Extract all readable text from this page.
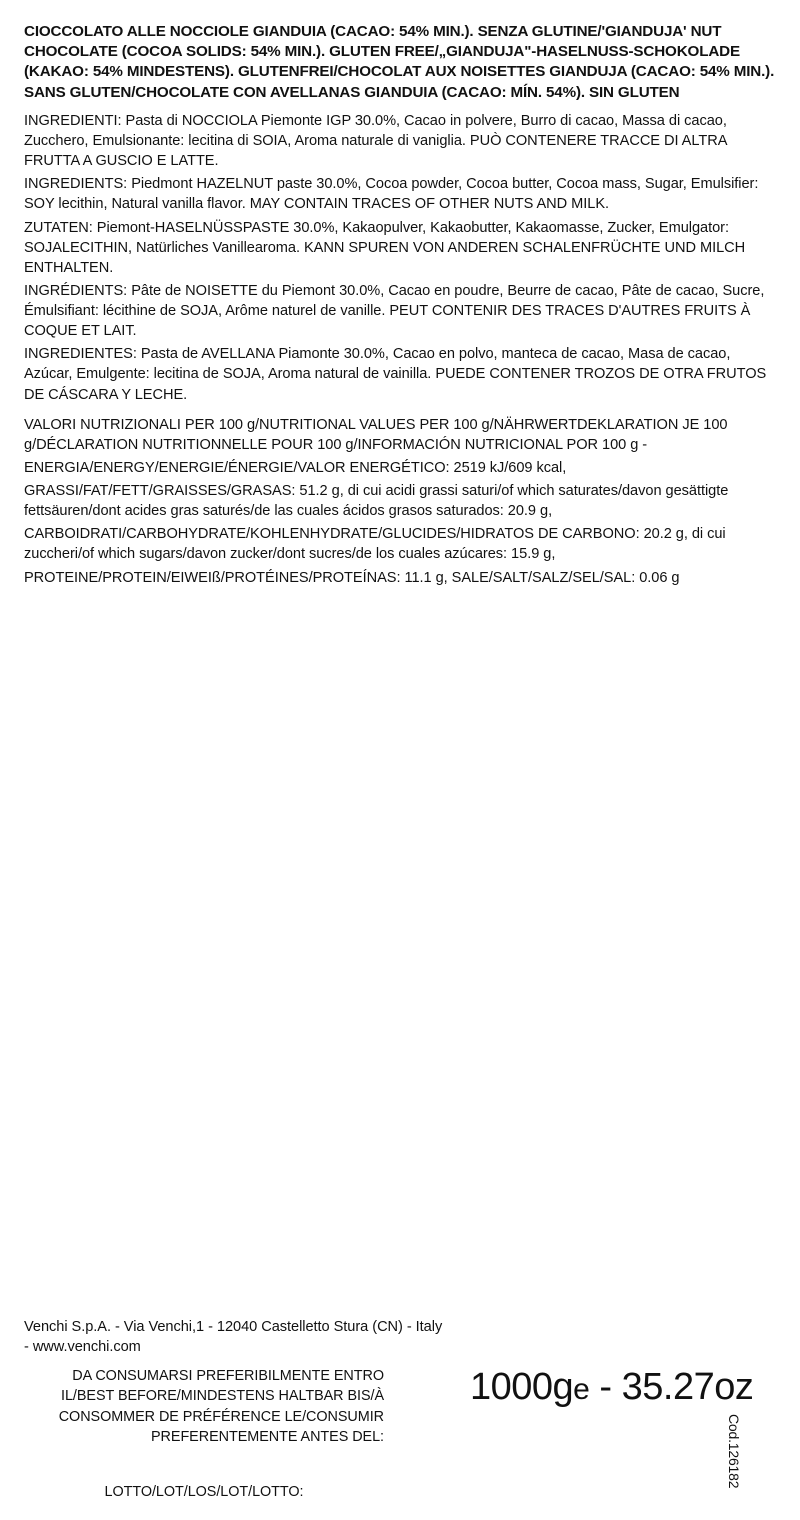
CIOCCOLATO ALLE NOCCIOLE GIANDUIA (CACAO: 54% MIN.). SENZA GLUTINE/'GIANDUJA' NUT CHOCOLATE (COCOA SOLIDS: 54% MIN.). GLUTEN FREE/„GIANDUJA"-HASELNUSS-SCHOKOLADE (KAKAO: 54% MINDESTENS). GLUTENFREI/CHOCOLAT AUX NOISETTES GIANDUJA (CACAO: 54% MIN.). SANS GLUTEN/CHOCOLATE CON AVELLANAS GIANDUIA (CACAO: MÍN. 54%). SIN GLUTEN

INGREDIENTI: Pasta di NOCCIOLA Piemonte IGP 30.0%, Cacao in polvere, Burro di cacao, Massa di cacao, Zucchero, Emulsionante: lecitina di SOIA, Aroma naturale di vaniglia. PUÒ CONTENERE TRACCE DI ALTRA FRUTTA A GUSCIO E LATTE.

INGREDIENTS: Piedmont HAZELNUT paste 30.0%, Cocoa powder, Cocoa butter, Cocoa mass, Sugar, Emulsifier: SOY lecithin, Natural vanilla flavor. MAY CONTAIN TRACES OF OTHER NUTS AND MILK.

ZUTATEN: Piemont-HASELNÜSSPASTE 30.0%, Kakaopulver, Kakaobutter, Kakaomasse, Zucker, Emulgator: SOJALECITHIN, Natürliches Vanillearoma. KANN SPUREN VON ANDEREN SCHALENFRÜCHTE UND MILCH ENTHALTEN.

INGRÉDIENTS: Pâte de NOISETTE du Piemont 30.0%, Cacao en poudre, Beurre de cacao, Pâte de cacao, Sucre, Émulsifiant: lécithine de SOJA, Arôme naturel de vanille. PEUT CONTENIR DES TRACES D'AUTRES FRUITS À COQUE ET LAIT.

INGREDIENTES: Pasta de AVELLANA Piamonte 30.0%, Cacao en polvo, manteca de cacao, Masa de cacao, Azúcar, Emulgente: lecitina de SOJA, Aroma natural de vainilla. PUEDE CONTENER TROZOS DE OTRA FRUTOS DE CÁSCARA Y LECHE.

VALORI NUTRIZIONALI PER 100 g/NUTRITIONAL VALUES PER 100 g/NÄHRWERTDEKLARATION JE 100 g/DÉCLARATION NUTRITIONNELLE POUR 100 g/INFORMACIÓN NUTRICIONAL POR 100 g -

ENERGIA/ENERGY/ENERGIE/ÉNERGIE/VALOR ENERGÉTICO: 2519 kJ/609 kcal,

GRASSI/FAT/FETT/GRAISSES/GRASAS: 51.2 g, di cui acidi grassi saturi/of which saturates/davon gesättigte fettsäuren/dont acides gras saturés/de las cuales ácidos grasos saturados: 20.9 g,

CARBOIDRATI/CARBOHYDRATE/KOHLENHYDRATE/GLUCIDES/HIDRATOS DE CARBONO: 20.2 g, di cui zuccheri/of which sugars/davon zucker/dont sucres/de los cuales azúcares: 15.9 g,

PROTEINE/PROTEIN/EIWEIß/PROTÉINES/PROTEÍNAS: 11.1 g, SALE/SALT/SALZ/SEL/SAL: 0.06 g

Venchi S.p.A. - Via Venchi,1 - 12040 Castelletto Stura (CN) - Italy - www.venchi.com
DA CONSUMARSI PREFERIBILMENTE ENTRO IL/BEST BEFORE/MINDESTENS HALTBAR BIS/À CONSOMMER DE PRÉFÉRENCE LE/CONSUMIR PREFERENTEMENTE ANTES DEL:
LOTTO/LOT/LOS/LOT/LOTTO:
1000ge - 35.27oz
Cod.126182
